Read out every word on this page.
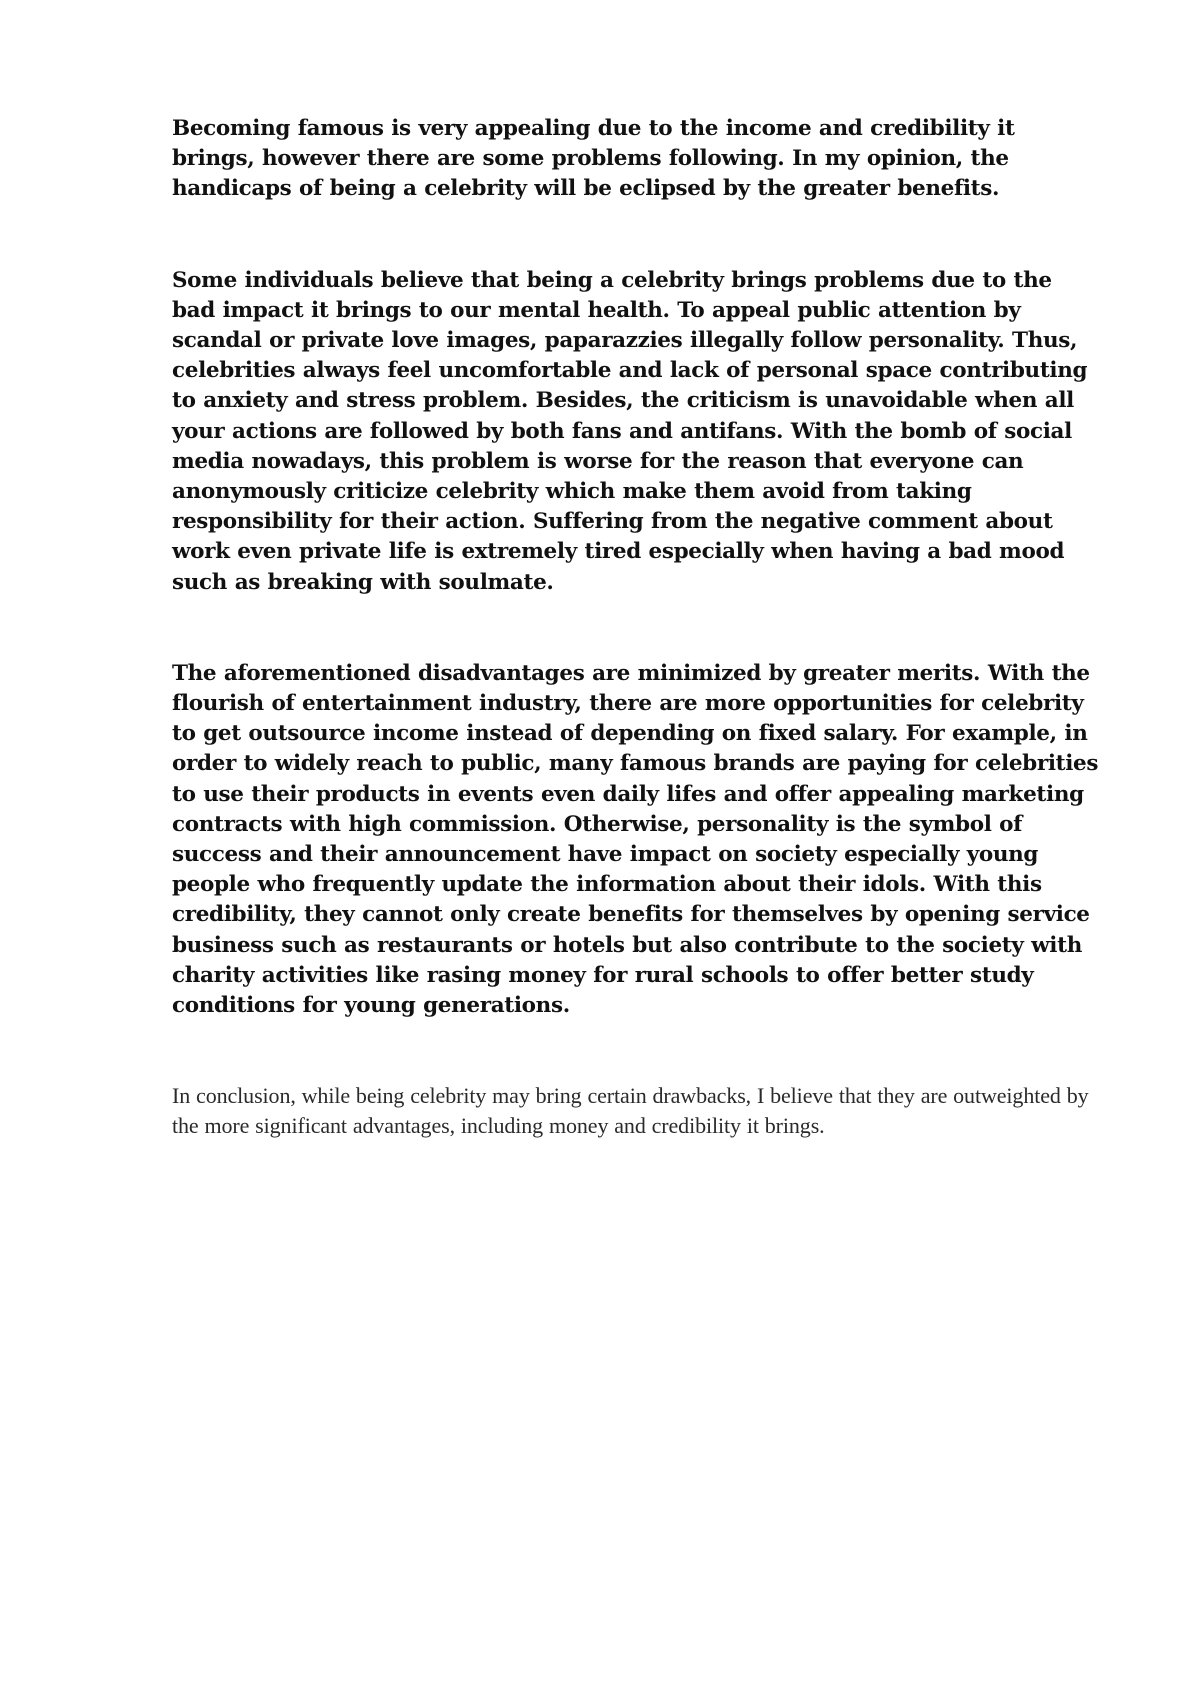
Becoming famous is very appealing due to the income and credibility it brings, however there are some problems following. In my opinion, the handicaps of being a celebrity will be eclipsed by the greater benefits.

Some individuals believe that being a celebrity brings problems due to the bad impact it brings to our mental health. To appeal public attention by scandal or private love images, paparazzies illegally follow personality. Thus, celebrities always feel uncomfortable and lack of personal space contributing to anxiety and stress problem. Besides, the criticism is unavoidable when all your actions are followed by both fans and antifans. With the bomb of social media nowadays, this problem is worse for the reason that everyone can anonymously criticize celebrity which make them avoid from taking responsibility for their action. Suffering from the negative comment about work even private life is extremely tired especially when having a bad mood such as breaking with soulmate.

The aforementioned disadvantages are minimized by greater merits. With the flourish of entertainment industry, there are more opportunities for celebrity to get outsource income instead of depending on fixed salary. For example, in order to widely reach to public, many famous brands are paying for celebrities to use their products in events even daily lifes and offer appealing marketing contracts with high commission. Otherwise, personality is the symbol of success and their announcement have impact on society especially young people who frequently update the information about their idols. With this credibility, they cannot only create benefits for themselves by opening service business such as restaurants or hotels but also contribute to the society with charity activities like rasing money for rural schools to offer better study conditions for young generations.

In conclusion, while being celebrity may bring certain drawbacks, I believe that they are outweighted by the more significant advantages, including money and credibility it brings.
